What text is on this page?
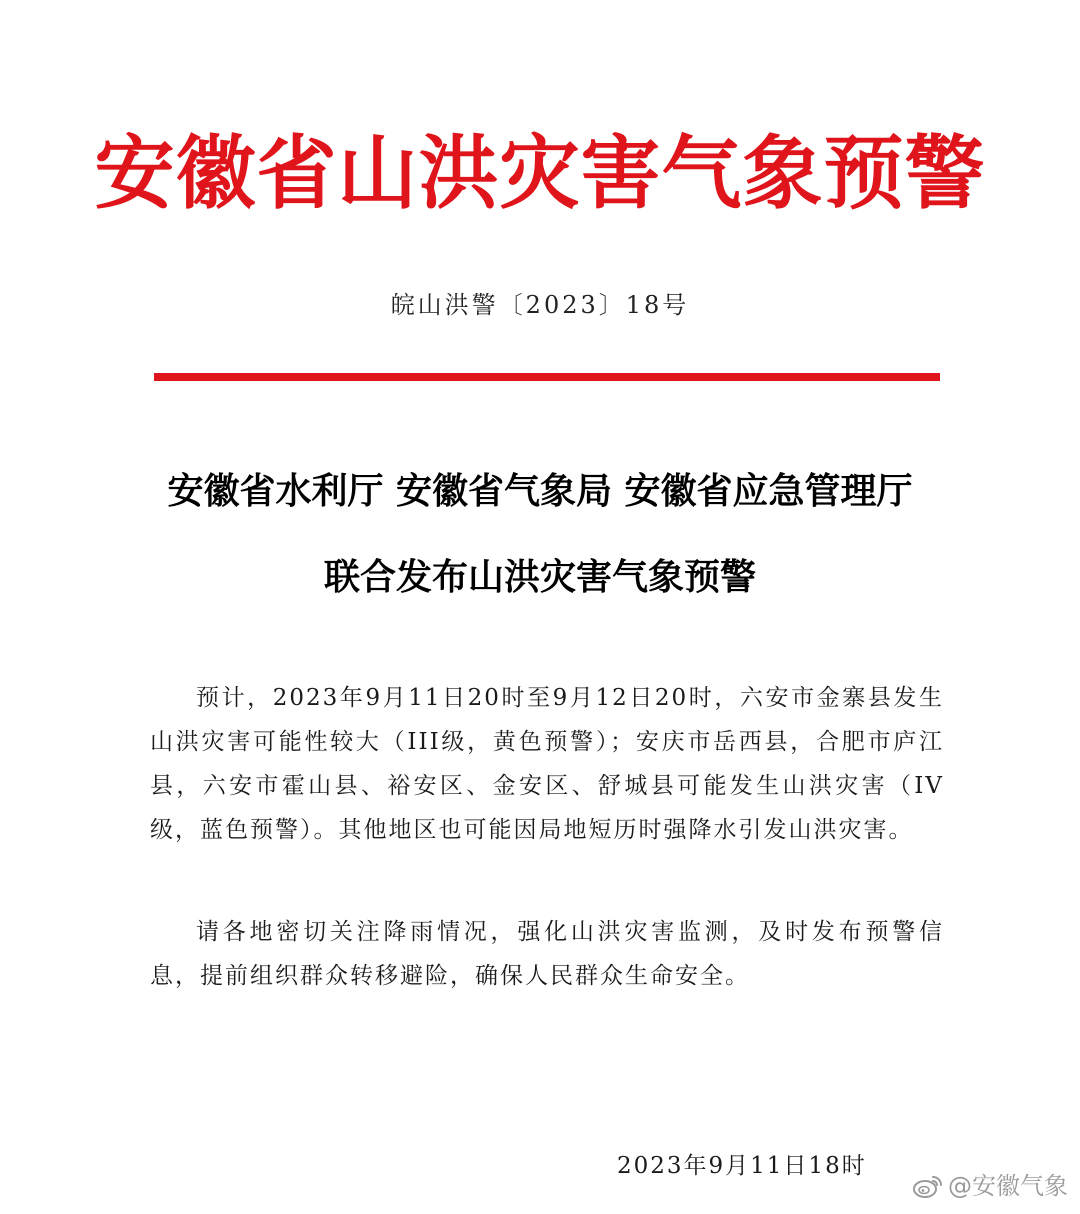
安徽省山洪灾害气象预警
皖山洪警〔2023〕18号
安徽省水利厅 安徽省气象局 安徽省应急管理厅
联合发布山洪灾害气象预警

预计，2023年9月11日20时至9月12日20时，六安市金寨县发生山洪灾害可能性较大（III级，黄色预警）；安庆市岳西县，合肥市庐江县，六安市霍山县、裕安区、金安区、舒城县可能发生山洪灾害（IV级，蓝色预警）。其他地区也可能因局地短历时强降水引发山洪灾害。

请各地密切关注降雨情况，强化山洪灾害监测，及时发布预警信息，提前组织群众转移避险，确保人民群众生命安全。

2023年9月11日18时
@安徽气象
